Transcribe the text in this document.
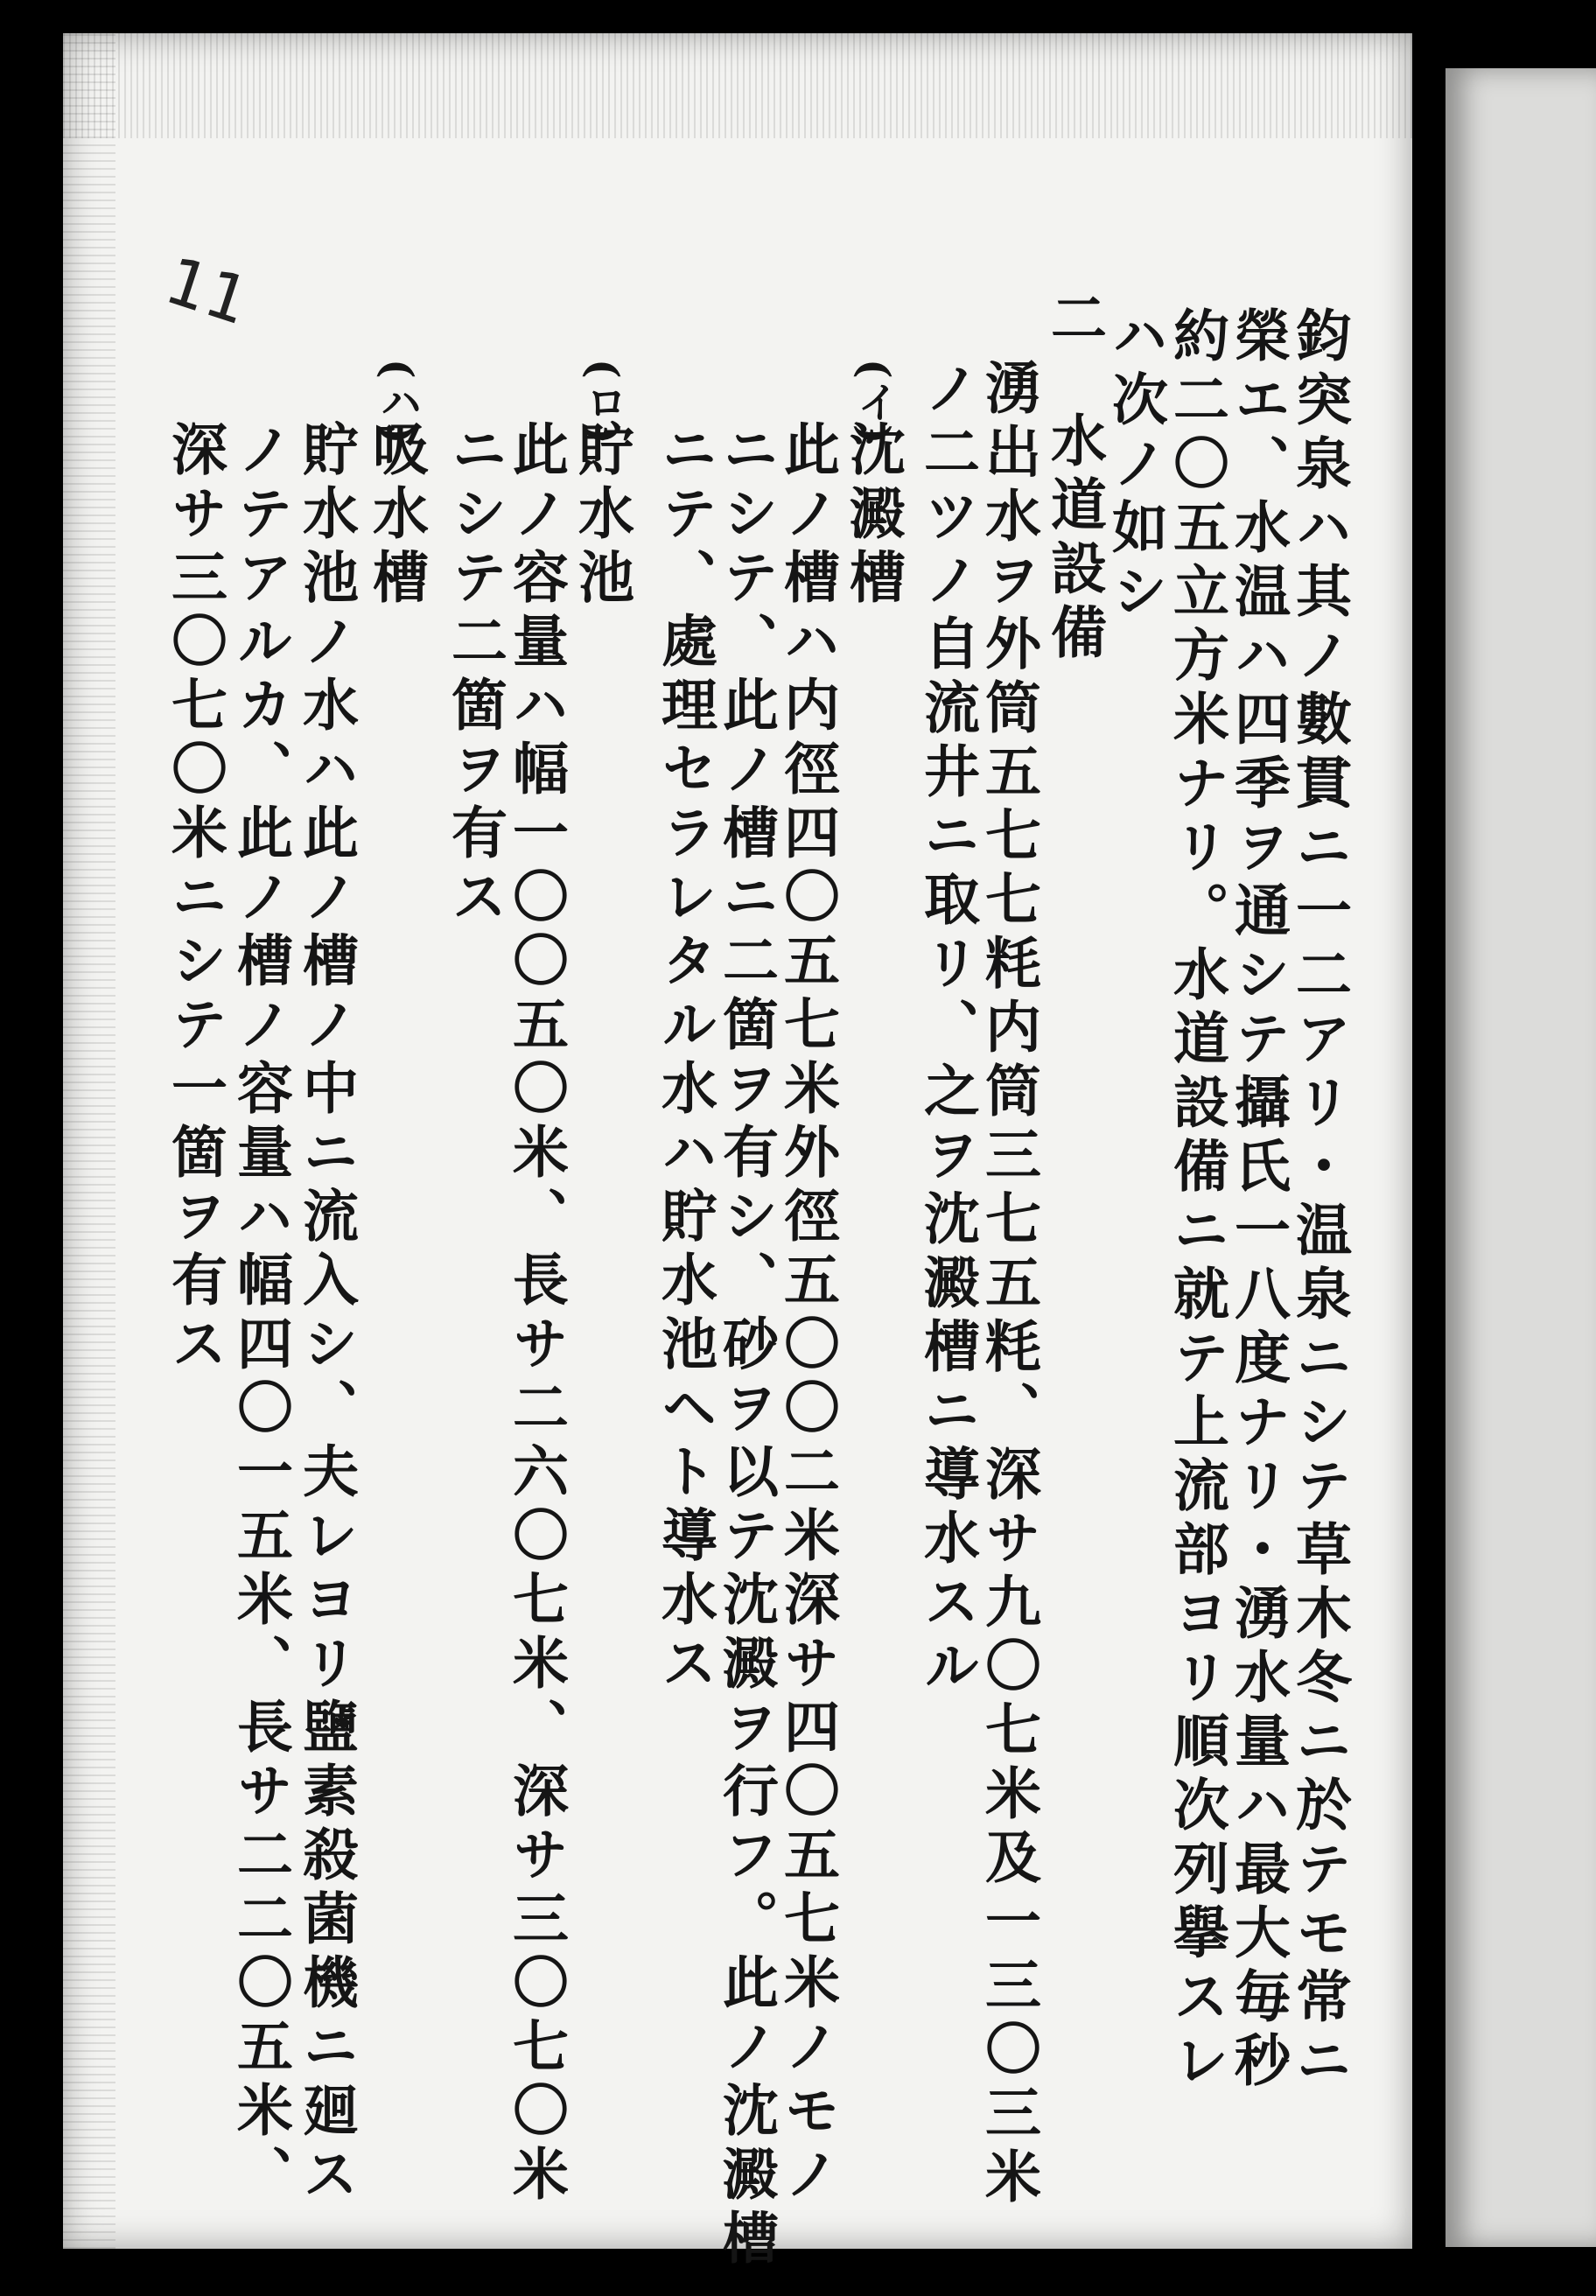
11
鈞突泉ハ其ノ數貫ニ一二アリ・温泉ニシテ草木冬ニ於テモ常ニ
榮エ、水温ハ四季ヲ通シテ攝氏一八度ナリ・湧水量ハ最大毎秒
約二〇五立方米ナリ。水道設備ニ就テ上流部ヨリ順次列擧スレ
ハ次ノ如シ
二
水道設備
湧出水ヲ外筒五七七粍内筒三七五粍、深サ九〇七米及一三〇三米
ノ二ツノ自流井ニ取リ、之ヲ沈澱槽ニ導水スル
(イ)
沈澱槽
此ノ槽ハ内徑四〇五七米外徑五〇〇二米深サ四〇五七米ノモノ
ニシテ、此ノ槽ニ二箇ヲ有シ、砂ヲ以テ沈澱ヲ行フ。此ノ沈澱槽
ニテ、處理セラレタル水ハ貯水池ヘト導水ス
(ロ)
貯水池
此ノ容量ハ幅一〇〇五〇米、長サ二六〇七米、深サ三〇七〇米
ニシテ二箇ヲ有ス
(ハ)
吸水槽
貯水池ノ水ハ此ノ槽ノ中ニ流入シ、夫レヨリ鹽素殺菌機ニ廻ス
ノテアルカ、此ノ槽ノ容量ハ幅四〇一五米、長サ二二〇五米、
深サ三〇七〇米ニシテ一箇ヲ有ス
